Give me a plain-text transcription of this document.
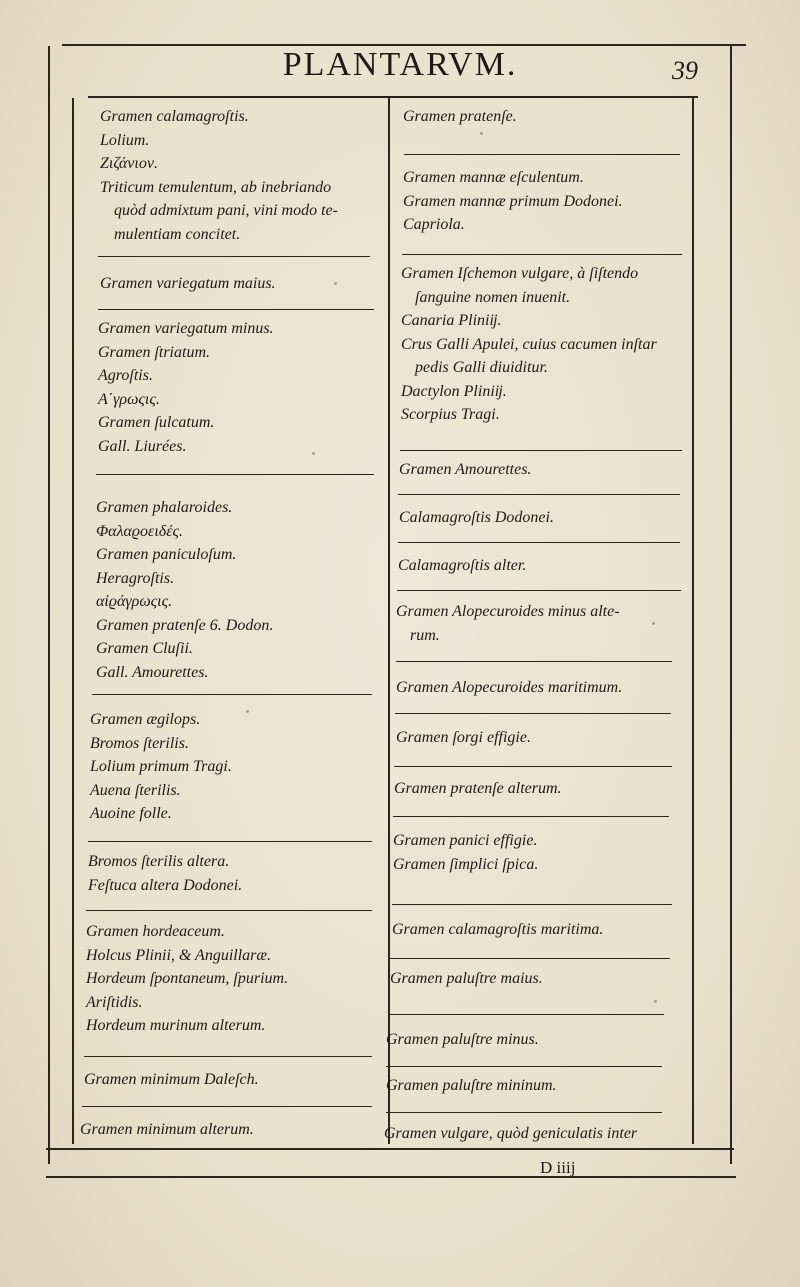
PLANTARVM.	39
D iiij
Gramen calamagroſtis.
Lolium.
Ζιζάνιον.
Triticum temulentum, ab inebriando
quòd admixtum pani, vini modo te-
mulentiam concitet.
Gramen variegatum maius.
Gramen variegatum minus.
Gramen ſtriatum.
Agroſtis.
Α΄γρωςις.
Gramen ſulcatum.
Gall. Liurées.
Gramen phalaroides.
Φαλαϱοειδές.
Gramen paniculoſum.
Heragroſtis.
αἰϱάγρωςις.
Gramen pratenſe 6. Dodon.
Gramen Cluſii.
Gall. Amourettes.
Gramen ægilops.
Bromos ſterilis.
Lolium primum Tragi.
Auena ſterilis.
Auoine folle.
Bromos ſterilis altera.
Feſtuca altera Dodonei.
Gramen hordeaceum.
Holcus Plinii, & Anguillaræ.
Hordeum ſpontaneum, ſpurium.
Ariſtidis.
Hordeum murinum alterum.
Gramen minimum Daleſch.
Gramen minimum alterum.
Gramen pratenſe.
Gramen mannæ eſculentum.
Gramen mannæ primum Dodonei.
Capriola.
Gramen Iſchemon vulgare, à ſiſtendo
ſanguine nomen inuenit.
Canaria Pliniĳ.
Crus Galli Apulei, cuius cacumen inſtar
pedis Galli diuiditur.
Dactylon Pliniĳ.
Scorpius Tragi.
Gramen Amourettes.
Calamagroſtis Dodonei.
Calamagroſtis alter.
Gramen Alopecuroides minus alte-
rum.
Gramen Alopecuroides maritimum.
Gramen ſorgi effigie.
Gramen pratenſe alterum.
Gramen panici effigie.
Gramen ſimplici ſpica.
Gramen calamagroſtis maritima.
Gramen paluſtre maius.
Gramen paluſtre minus.
Gramen paluſtre mininum.
Gramen vulgare, quòd geniculatis inter
